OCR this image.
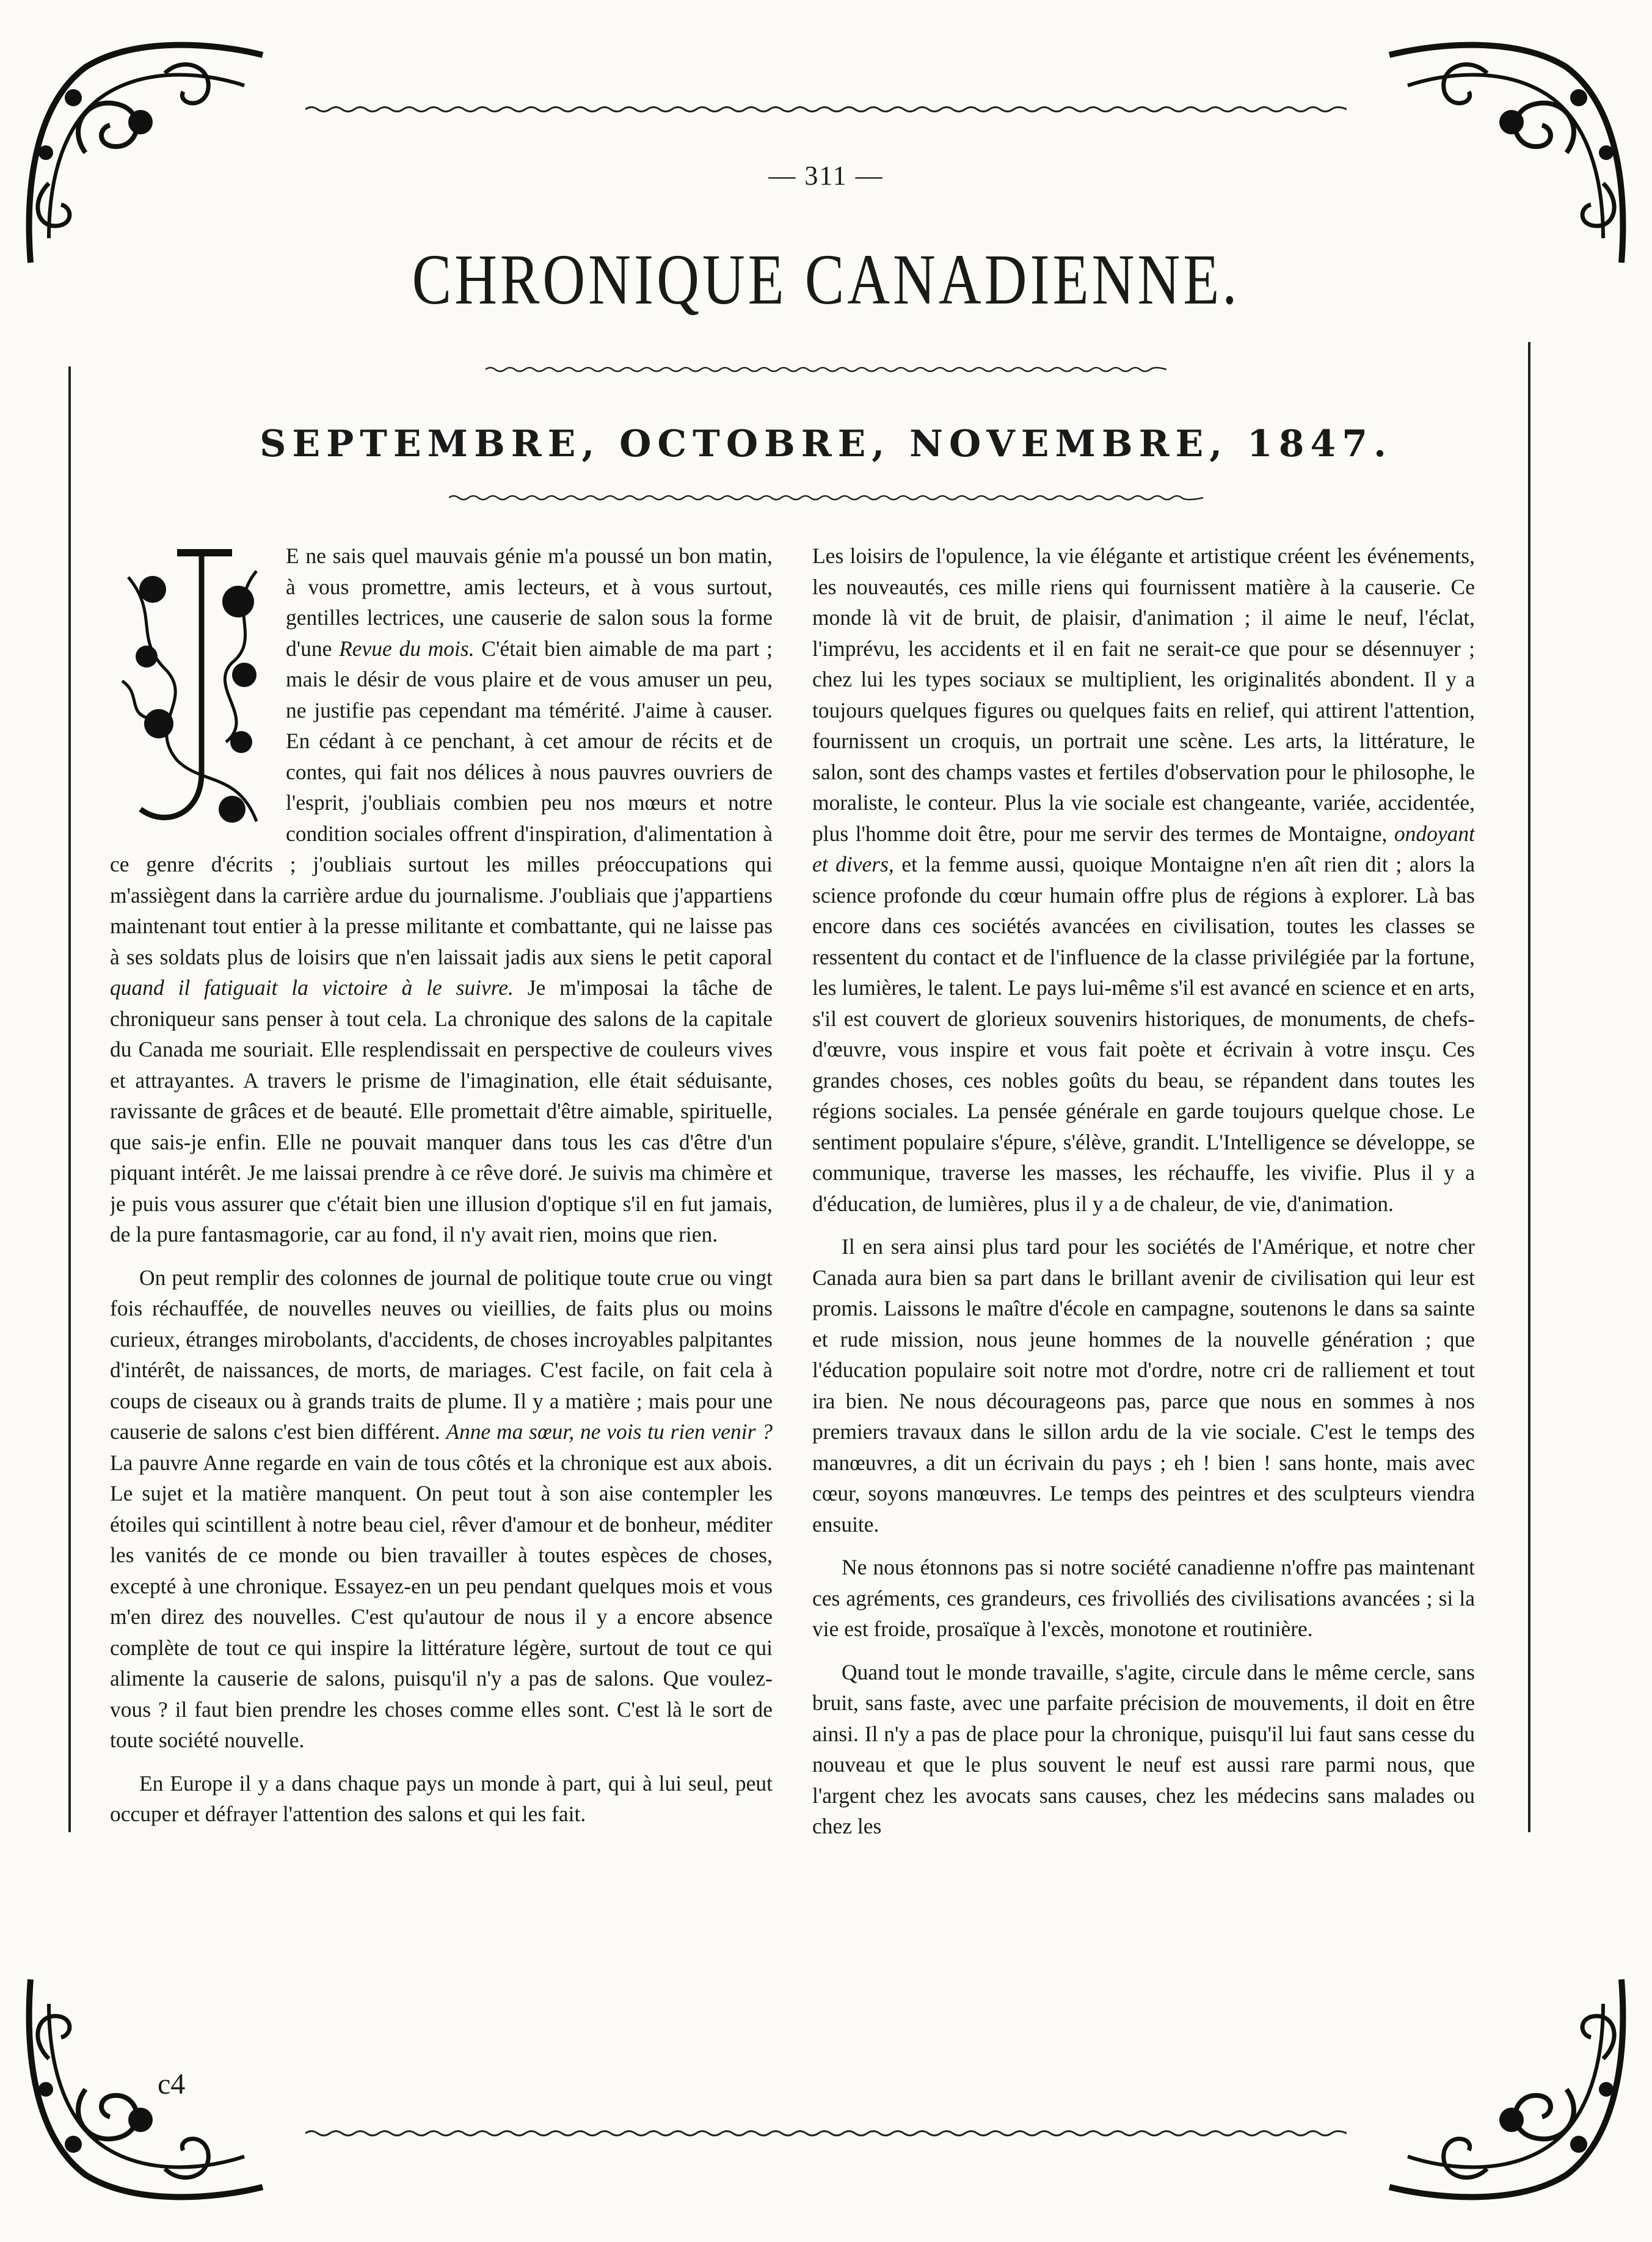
— 311 —
CHRONIQUE CANADIENNE.
SEPTEMBRE, OCTOBRE, NOVEMBRE, 1847.

E ne sais quel mauvais génie m'a poussé un bon matin, à vous promettre, amis lecteurs, et à vous surtout, gentilles lectrices, une causerie de salon sous la forme d'une Revue du mois. C'était bien aimable de ma part ; mais le désir de vous plaire et de vous amuser un peu, ne justifie pas cependant ma témérité. J'aime à causer. En cédant à ce penchant, à cet amour de récits et de contes, qui fait nos délices à nous pauvres ouvriers de l'esprit, j'oubliais combien peu nos mœurs et notre condition sociales offrent d'inspiration, d'alimentation à ce genre d'écrits ; j'oubliais surtout les milles préoccupations qui m'assiègent dans la carrière ardue du journalisme. J'oubliais que j'appartiens maintenant tout entier à la presse militante et combattante, qui ne laisse pas à ses soldats plus de loisirs que n'en laissait jadis aux siens le petit caporal quand il fatiguait la victoire à le suivre. Je m'imposai la tâche de chroniqueur sans penser à tout cela. La chronique des salons de la capitale du Canada me souriait. Elle resplendissait en perspective de couleurs vives et attrayantes. A travers le prisme de l'imagination, elle était séduisante, ravissante de grâces et de beauté. Elle promettait d'être aimable, spirituelle, que sais-je enfin. Elle ne pouvait manquer dans tous les cas d'être d'un piquant intérêt. Je me laissai prendre à ce rêve doré. Je suivis ma chimère et je puis vous assurer que c'était bien une illusion d'optique s'il en fut jamais, de la pure fantasmagorie, car au fond, il n'y avait rien, moins que rien.

On peut remplir des colonnes de journal de politique toute crue ou vingt fois réchauffée, de nouvelles neuves ou vieillies, de faits plus ou moins curieux, étranges mirobolants, d'accidents, de choses incroyables palpitantes d'intérêt, de naissances, de morts, de mariages. C'est facile, on fait cela à coups de ciseaux ou à grands traits de plume. Il y a matière ; mais pour une causerie de salons c'est bien différent. Anne ma sœur, ne vois tu rien venir ? La pauvre Anne regarde en vain de tous côtés et la chronique est aux abois. Le sujet et la matière manquent. On peut tout à son aise contempler les étoiles qui scintillent à notre beau ciel, rêver d'amour et de bonheur, méditer les vanités de ce monde ou bien travailler à toutes espèces de choses, excepté à une chronique. Essayez-en un peu pendant quelques mois et vous m'en direz des nouvelles. C'est qu'autour de nous il y a encore absence complète de tout ce qui inspire la littérature légère, surtout de tout ce qui alimente la causerie de salons, puisqu'il n'y a pas de salons. Que voulez-vous ? il faut bien prendre les choses comme elles sont. C'est là le sort de toute société nouvelle.

En Europe il y a dans chaque pays un monde à part, qui à lui seul, peut occuper et défrayer l'attention des salons et qui les fait.

Les loisirs de l'opulence, la vie élégante et artistique créent les événements, les nouveautés, ces mille riens qui fournissent matière à la causerie. Ce monde là vit de bruit, de plaisir, d'animation ; il aime le neuf, l'éclat, l'imprévu, les accidents et il en fait ne serait-ce que pour se désennuyer ; chez lui les types sociaux se multiplient, les originalités abondent. Il y a toujours quelques figures ou quelques faits en relief, qui attirent l'attention, fournissent un croquis, un portrait une scène. Les arts, la littérature, le salon, sont des champs vastes et fertiles d'observation pour le philosophe, le moraliste, le conteur. Plus la vie sociale est changeante, variée, accidentée, plus l'homme doit être, pour me servir des termes de Montaigne, ondoyant et divers, et la femme aussi, quoique Montaigne n'en aît rien dit ; alors la science profonde du cœur humain offre plus de régions à explorer. Là bas encore dans ces sociétés avancées en civilisation, toutes les classes se ressentent du contact et de l'influence de la classe privilégiée par la fortune, les lumières, le talent. Le pays lui-même s'il est avancé en science et en arts, s'il est couvert de glorieux souvenirs historiques, de monuments, de chefs-d'œuvre, vous inspire et vous fait poète et écrivain à votre insçu. Ces grandes choses, ces nobles goûts du beau, se répandent dans toutes les régions sociales. La pensée générale en garde toujours quelque chose. Le sentiment populaire s'épure, s'élève, grandit. L'Intelligence se développe, se communique, traverse les masses, les réchauffe, les vivifie. Plus il y a d'éducation, de lumières, plus il y a de chaleur, de vie, d'animation.

Il en sera ainsi plus tard pour les sociétés de l'Amérique, et notre cher Canada aura bien sa part dans le brillant avenir de civilisation qui leur est promis. Laissons le maître d'école en campagne, soutenons le dans sa sainte et rude mission, nous jeune hommes de la nouvelle génération ; que l'éducation populaire soit notre mot d'ordre, notre cri de ralliement et tout ira bien. Ne nous décourageons pas, parce que nous en sommes à nos premiers travaux dans le sillon ardu de la vie sociale. C'est le temps des manœuvres, a dit un écrivain du pays ; eh ! bien ! sans honte, mais avec cœur, soyons manœuvres. Le temps des peintres et des sculpteurs viendra ensuite.

Ne nous étonnons pas si notre société canadienne n'offre pas maintenant ces agréments, ces grandeurs, ces frivolliés des civilisations avancées ; si la vie est froide, prosaïque à l'excès, monotone et routinière.

Quand tout le monde travaille, s'agite, circule dans le même cercle, sans bruit, sans faste, avec une parfaite précision de mouvements, il doit en être ainsi. Il n'y a pas de place pour la chronique, puisqu'il lui faut sans cesse du nouveau et que le plus souvent le neuf est aussi rare parmi nous, que l'argent chez les avocats sans causes, chez les médecins sans malades ou chez les

c4
